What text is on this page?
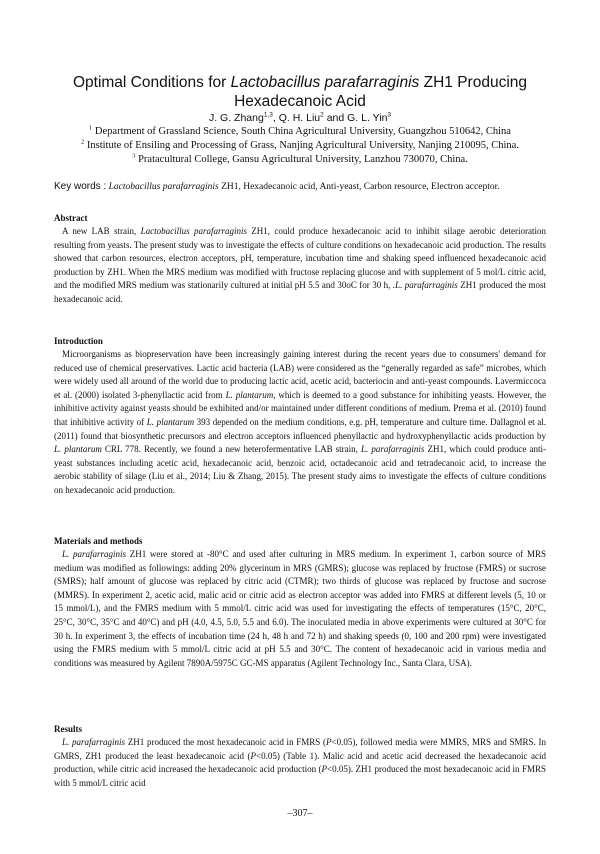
Optimal Conditions for Lactobacillus parafarraginis ZH1 Producing
Hexadecanoic Acid
J. G. Zhang$^{1,3}$, Q. H. Liu$^2$ and G. L. Yin$^3$
$^1$ Department of Grassland Science, South China Agricultural University, Guangzhou 510642, China
$^2$ Institute of Ensiling and Processing of Grass, Nanjing Agricultural University, Nanjing 210095, China.
$^3$ Pratacultural College, Gansu Agricultural University, Lanzhou 730070, China.
Key words : Lactobacillus parafarraginis ZH1, Hexadecanoic acid, Anti-yeast, Carbon resource, Electron acceptor.
Abstract

A new LAB strain, Lactobacillus parafarraginis ZH1, could produce hexadecanoic acid to inhibit silage aerobic deterioration resulting from yeasts. The present study was to investigate the effects of culture conditions on hexadecanoic acid production. The results showed that carbon resources, electron acceptors, pH, temperature, incubation time and shaking speed influenced hexadecanoic acid production by ZH1. When the MRS medium was modified with fructose replacing glucose and with supplement of 5 mol/L citric acid, and the modified MRS medium was stationarily cultured at initial pH 5.5 and 30oC for 30 h, .L. parafarraginis ZH1 produced the most hexadecanoic acid.

Introduction

Microorganisms as biopreservation have been increasingly gaining interest during the recent years due to consumers' demand for reduced use of chemical preservatives. Lactic acid bacteria (LAB) were considered as the “generally regarded as safe” microbes, which were widely used all around of the world due to producing lactic acid, acetic acid, bacteriocin and anti-yeast compounds. Lavermiccoca et al. (2000) isolated 3-phenyllactic acid from L. plantarum, which is deemed to a good substance for inhibiting yeasts. However, the inhibitive activity against yeasts should be exhibited and/or maintained under different conditions of medium. Prema et al. (2010) found that inhibitive activity of L. plantarum 393 depended on the medium conditions, e.g. pH, temperature and culture time. Dallagnol et al. (2011) found that biosynthetic precursors and electron acceptors influenced phenyllactic and hydroxyphenyllactic acids production by L. plantarum CRL 778. Recently, we found a new heterofermentative LAB strain, L. parafarraginis ZH1, which could produce anti-yeast substances including acetic acid, hexadecanoic acid, benzoic acid, octadecanoic acid and tetradecanoic acid, to increase the aerobic stability of silage (Liu et al., 2014; Liu & Zhang, 2015). The present study aims to investigate the effects of culture conditions on hexadecanoic acid production.

Materials and methods

L. parafarraginis ZH1 were stored at -80°C and used after culturing in MRS medium. In experiment 1, carbon source of MRS medium was modified as followings: adding 20% glycerinum in MRS (GMRS); glucose was replaced by fructose (FMRS) or sucrose (SMRS); half amount of glucose was replaced by citric acid (CTMR); two thirds of glucose was replaced by fructose and sucrose (MMRS). In experiment 2, acetic acid, malic acid or citric acid as electron acceptor was added into FMRS at different levels (5, 10 or 15 mmol/L), and the FMRS medium with 5 mmol/L citric acid was used for investigating the effects of temperatures (15°C, 20°C, 25°C, 30°C, 35°C and 40°C) and pH (4.0, 4.5, 5.0, 5.5 and 6.0). The inoculated media in above experiments were cultured at 30°C for 30 h. In experiment 3, the effects of incubation time (24 h, 48 h and 72 h) and shaking speeds (0, 100 and 200 rpm) were investigated using the FMRS medium with 5 mmol/L citric acid at pH 5.5 and 30°C. The content of hexadecanoic acid in various media and conditions was measured by Agilent 7890A/5975C GC-MS apparatus (Agilent Technology Inc., Santa Clara, USA).

Results

L. parafarraginis ZH1 produced the most hexadecanoic acid in FMRS (P<0.05), followed media were MMRS, MRS and SMRS. In GMRS, ZH1 produced the least hexadecanoic acid (P<0.05) (Table 1). Malic acid and acetic acid decreased the hexadecanoic acid production, while citric acid increased the hexadecanoic acid production (P<0.05). ZH1 produced the most hexadecanoic acid in FMRS with 5 mmol/L citric acid

–307–
